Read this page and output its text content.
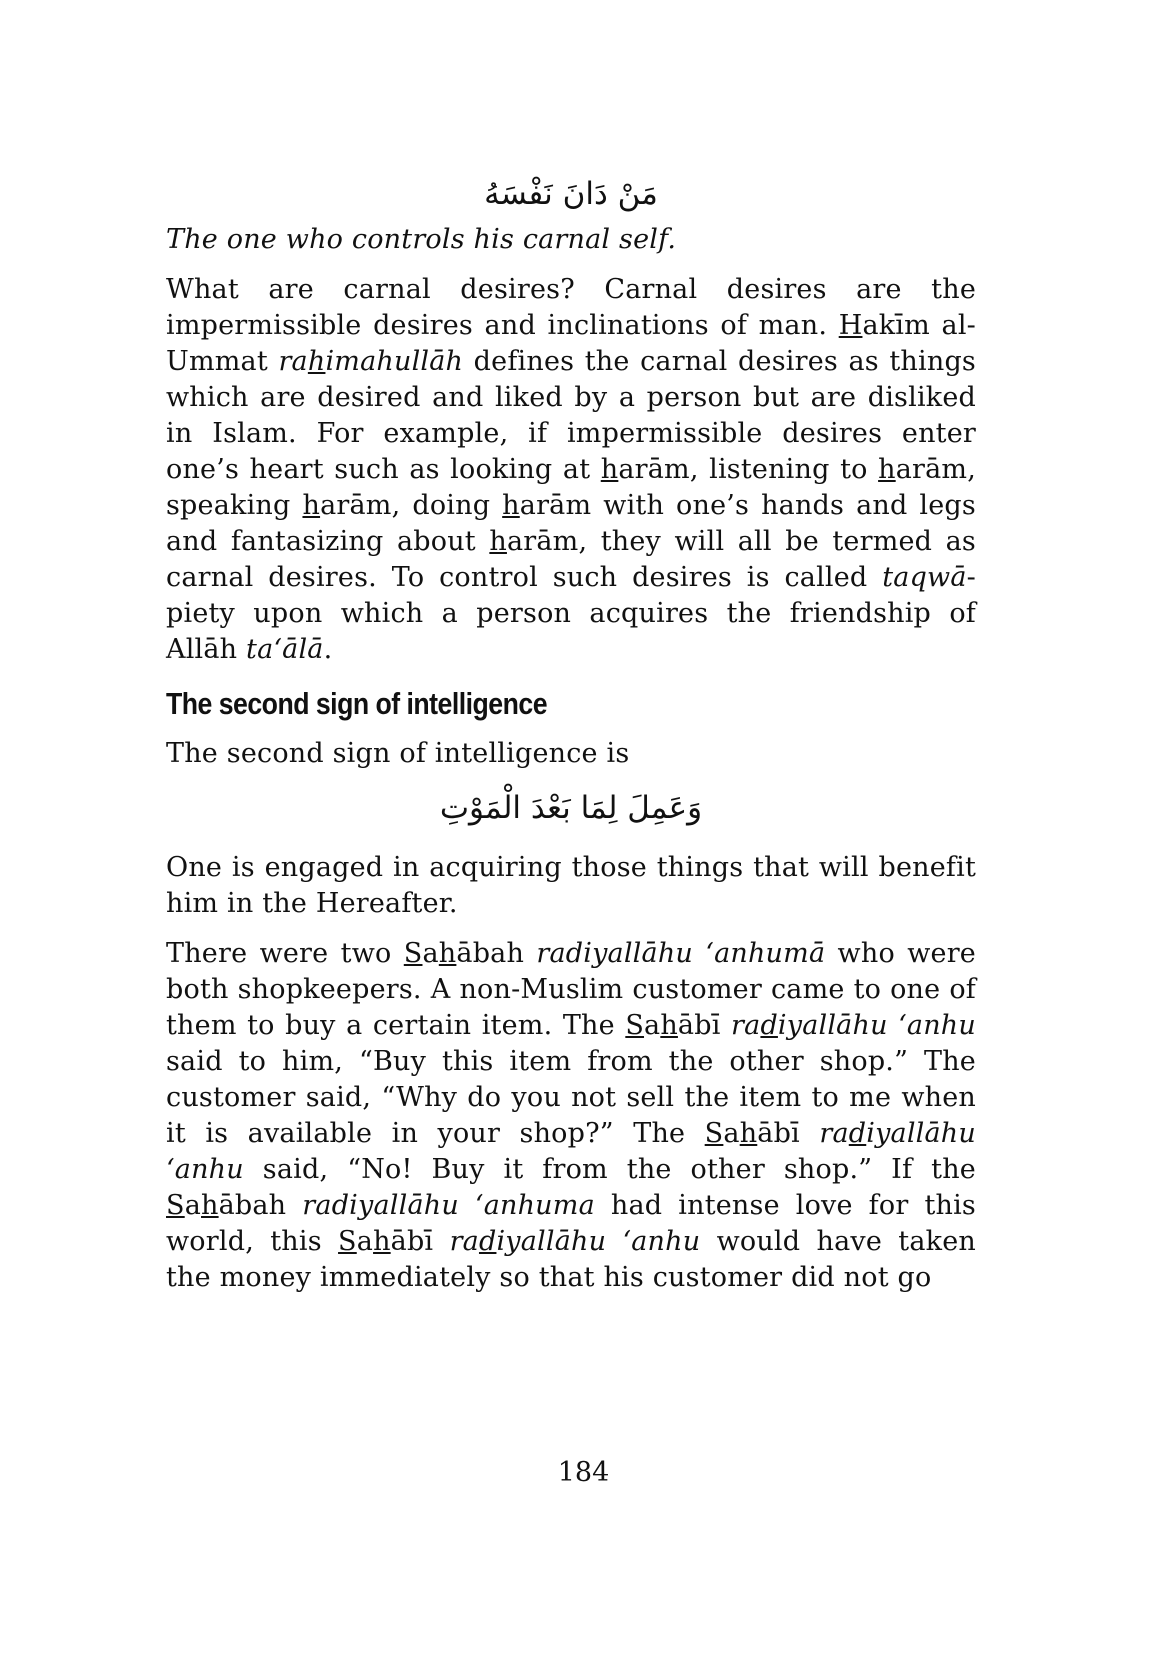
مَنْ دَانَ نَفْسَهُ

The one who controls his carnal self.

What are carnal desires? Carnal desires are the impermissible desires and inclinations of man. Hakīm al-Ummat rahimahullāh defines the carnal desires as things which are desired and liked by a person but are disliked in Islam. For example, if impermissible desires enter one’s heart such as looking at harām, listening to harām, speaking harām, doing harām with one’s hands and legs and fantasizing about harām, they will all be termed as carnal desires. To control such desires is called taqwā-piety upon which a person acquires the friendship of Allāh ta‘ālā.

The second sign of intelligence

The second sign of intelligence is

وَعَمِلَ لِمَا بَعْدَ الْمَوْتِ

One is engaged in acquiring those things that will benefit him in the Hereafter.

There were two Sahābah radiyallāhu ‘anhumā who were both shopkeepers. A non-Muslim customer came to one of them to buy a certain item. The Sahābī radiyallāhu ‘anhu said to him, “Buy this item from the other shop.” The customer said, “Why do you not sell the item to me when it is available in your shop?” The Sahābī radiyallāhu ‘anhu said, “No! Buy it from the other shop.” If the Sahābah radiyallāhu ‘anhuma had intense love for this world, this Sahābī radiyallāhu ‘anhu would have taken the money immediately so that his customer did not go

184
